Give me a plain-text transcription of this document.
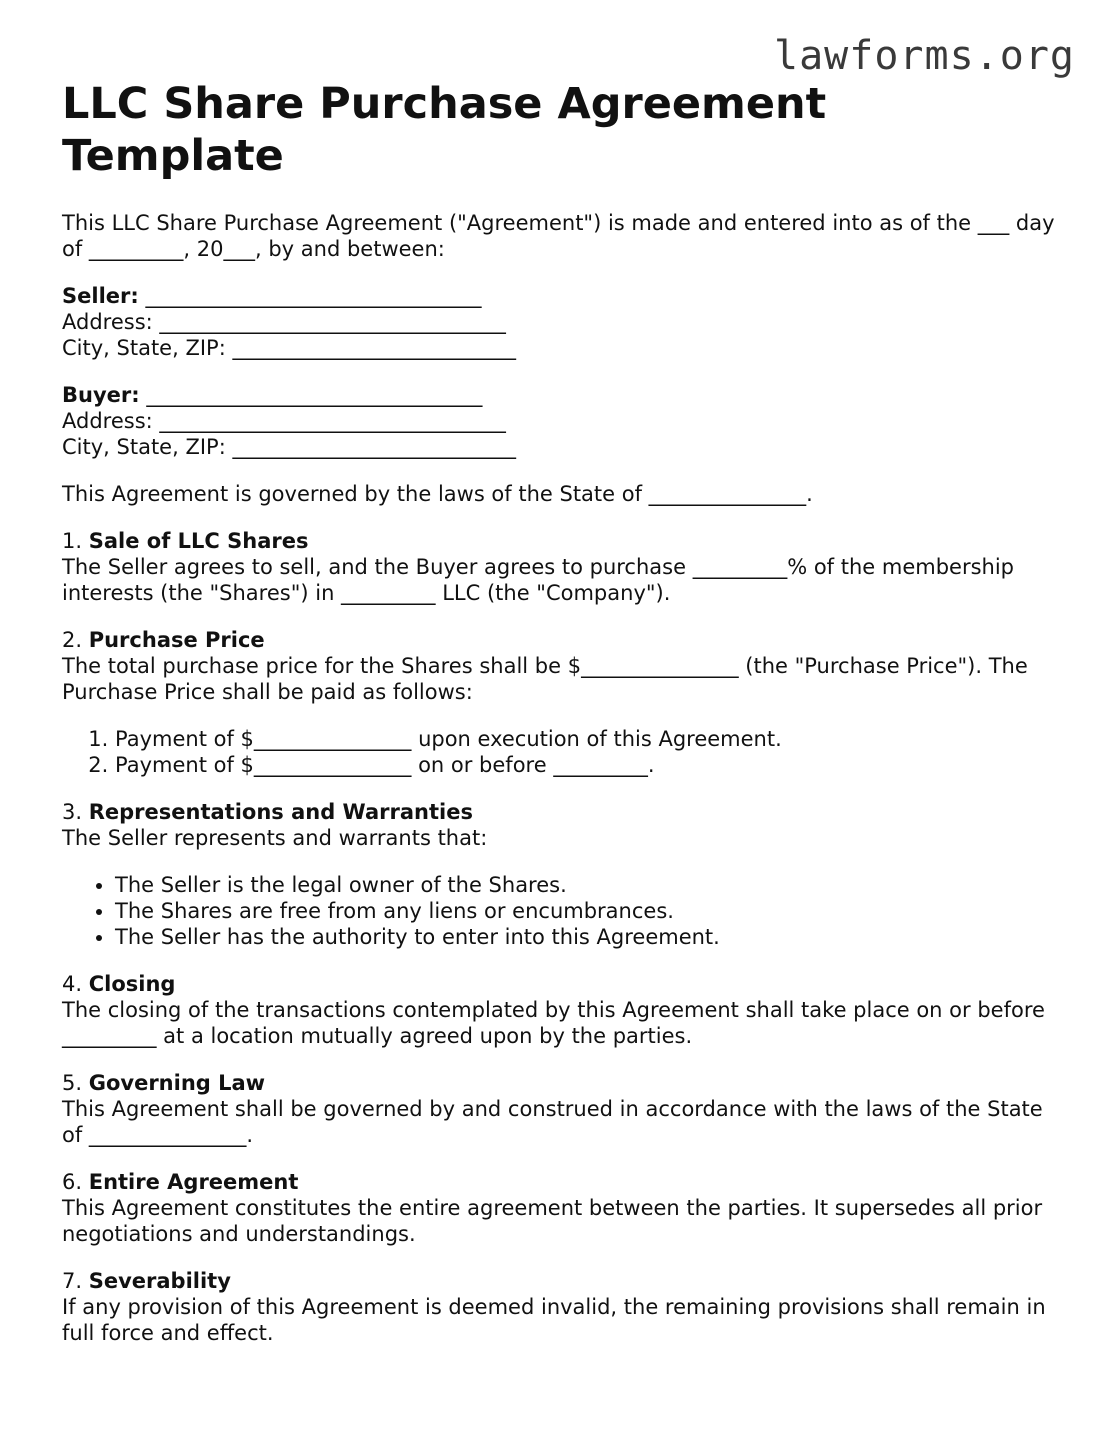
lawforms.org
LLC Share Purchase Agreement Template

This LLC Share Purchase Agreement ("Agreement") is made and entered into as of the ___ day of _________, 20___, by and between:

Seller: ________________________________
Address: _________________________________
City, State, ZIP: ___________________________
Buyer: ________________________________
Address: _________________________________
City, State, ZIP: ___________________________

This Agreement is governed by the laws of the State of _______________.

1. Sale of LLC Shares
The Seller agrees to sell, and the Buyer agrees to purchase _________% of the membership interests (the "Shares") in _________ LLC (the "Company").
2. Purchase Price
The total purchase price for the Shares shall be $_______________ (the "Purchase Price"). The Purchase Price shall be paid as follows:
1. Payment of $_______________ upon execution of this Agreement.
2. Payment of $_______________ on or before _________.
3. Representations and Warranties
The Seller represents and warrants that:
• The Seller is the legal owner of the Shares.
• The Shares are free from any liens or encumbrances.
• The Seller has the authority to enter into this Agreement.
4. Closing
The closing of the transactions contemplated by this Agreement shall take place on or before _________ at a location mutually agreed upon by the parties.
5. Governing Law
This Agreement shall be governed by and construed in accordance with the laws of the State of _______________.
6. Entire Agreement
This Agreement constitutes the entire agreement between the parties. It supersedes all prior negotiations and understandings.
7. Severability
If any provision of this Agreement is deemed invalid, the remaining provisions shall remain in full force and effect.
